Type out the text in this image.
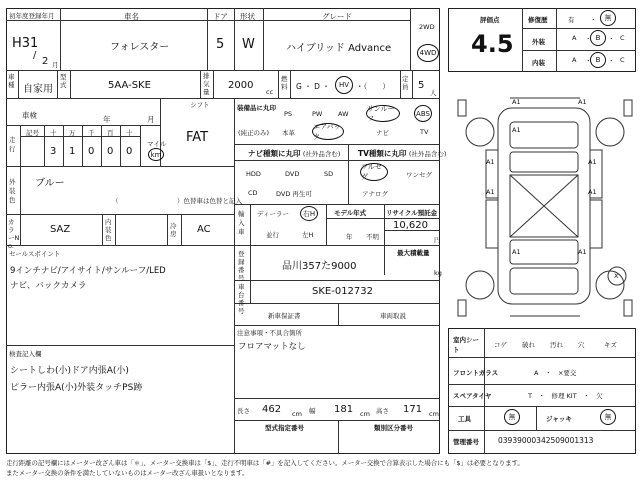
初年度登録年月	車名	ドア 形状	グレード
2WD
4WD
H31
/
2 月
フォレスター	5 W	ハイブリッド Advance
車種 自家用
型式	5AA-SKE
排気量
2000
cc
燃料 G ・ D ・ HV ・（　　）
定員 5
人
車検	年	月
シフト
FAT
走行
記号 十 万 千 百 十
3 1 0 0 0
マイル
km
外装色
ブルー
（　　　　　　　　　）色替車は色替と記入
カラーNo.
SAZ
内装色
冷房 AC
セールスポイント
9インチナビ/アイサイト/サンルーフ/LED
ナビ、バックカメラ
検査記入欄
シートしわ(小)ドア内張A(小)
ピラー内張A(小)外装タッチPS跡
装備品に丸印
(純正のみ)
PS	PW AW
サンルーフ
ABS
本革
エアバック	ナビ	TV
ナビ種類に丸印 (社外品含む) TV種類に丸印 (社外品含む)
HDD	DVD	SD
CD	DVD 再生可
フルセグ	ワンセグ
アナログ
輸入車
ディーラー 右H
並行	左H
モデル年式
年 不明
リサイクル預託金
10,620
円
最大積載量
kg
登録番号
品川357た9000
車台番号
SKE-012732
新車保証書	車両取説
注意事項・不具合箇所
フロアマットなし
長さ 462 cm 幅 181 cm 高さ 171 cm
型式指定番号	類別区分番号
評価点
4.5
修復歴	有 ・ 無
外装
内装
A ・ B ・ C
A ・ B ・ C
A1	A1
A1
A1	A1
A1	A1
A1	A1
X
室内シート
コゲ 破れ 汚れ 穴	キズ
フロントガラス	A　・　×要交
スペアタイヤ	T　・　修理 KIT　・　欠
工具	無	ジャッキ	無
管理番号	0393900034250900131​3
走行距離の記号欄にはメーター改ざん車は「＊」、メーター交換車は「$」、走行不明車は「#」を記入してください。メーター交換で合算表示した場合にも「$」は必要となります。
またメーター交換の条件を満たしていないものはメーター改ざん車扱いとなります。
